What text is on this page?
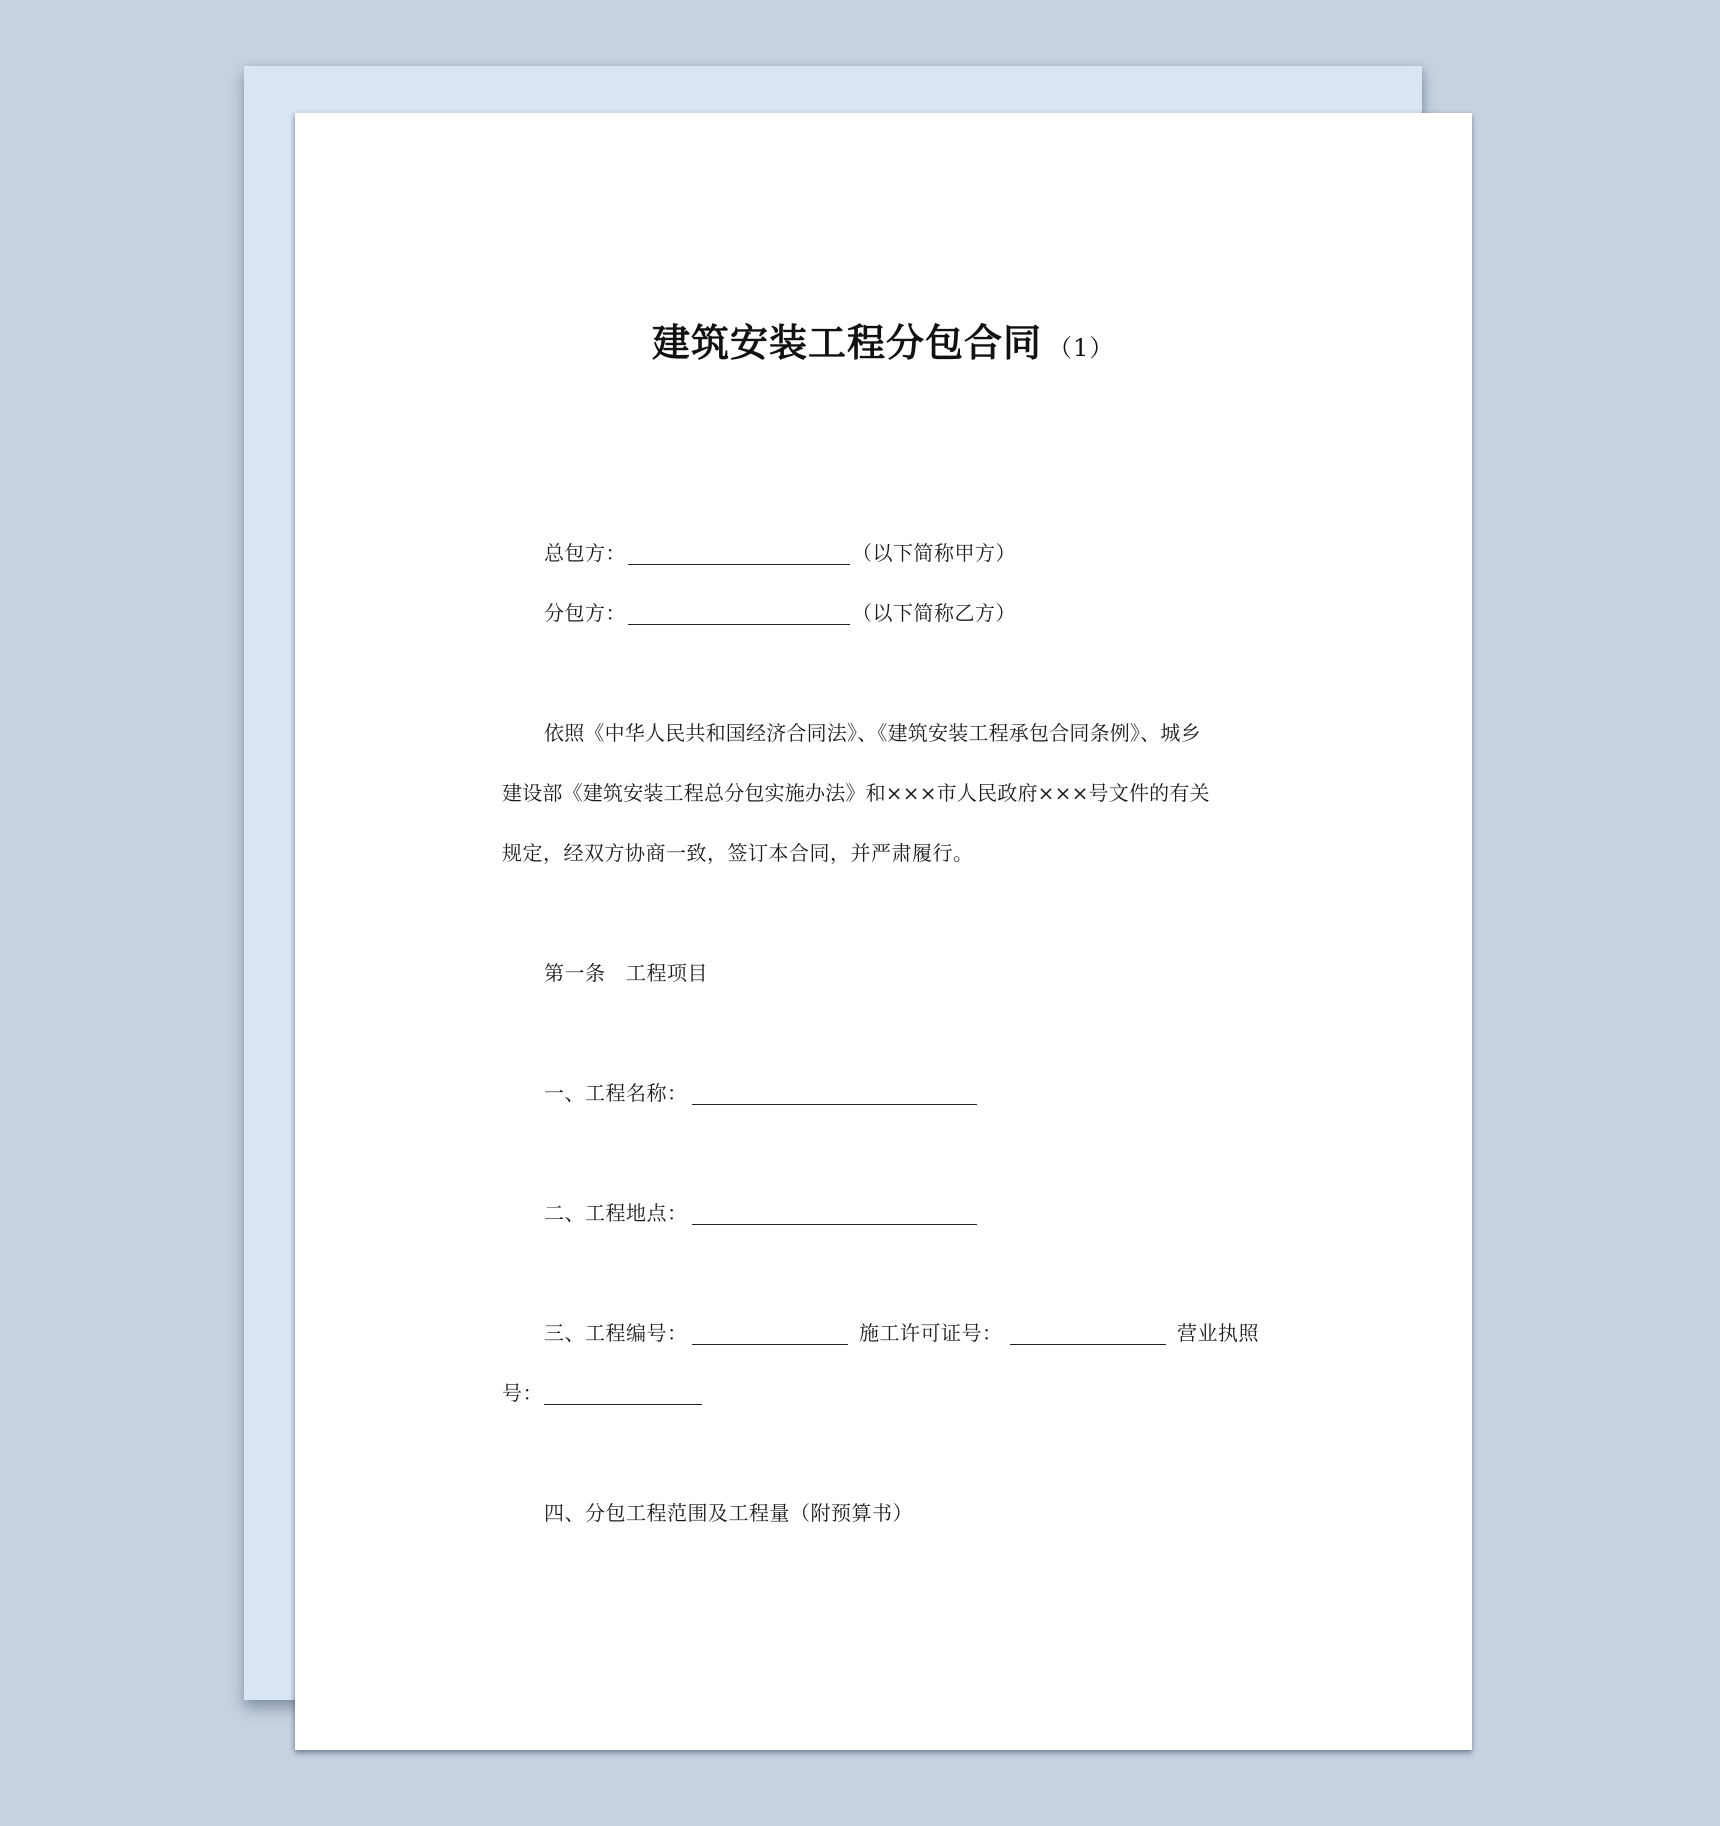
建筑安装工程分包合同 （1）
总包方：	（以下简称甲方）
分包方：	（以下简称乙方）
依照《中华人民共和国经济合同法》、《建筑安装工程承包合同条例》、城乡
建设部《建筑安装工程总分包实施办法》和×××市人民政府×××号文件的有关
规定，经双方协商一致，签订本合同，并严肃履行。
第一条　工程项目
一、工程名称：
二、工程地点：
三、工程编号：	施工许可证号：	营业执照
号：
四、分包工程范围及工程量（附预算书）
